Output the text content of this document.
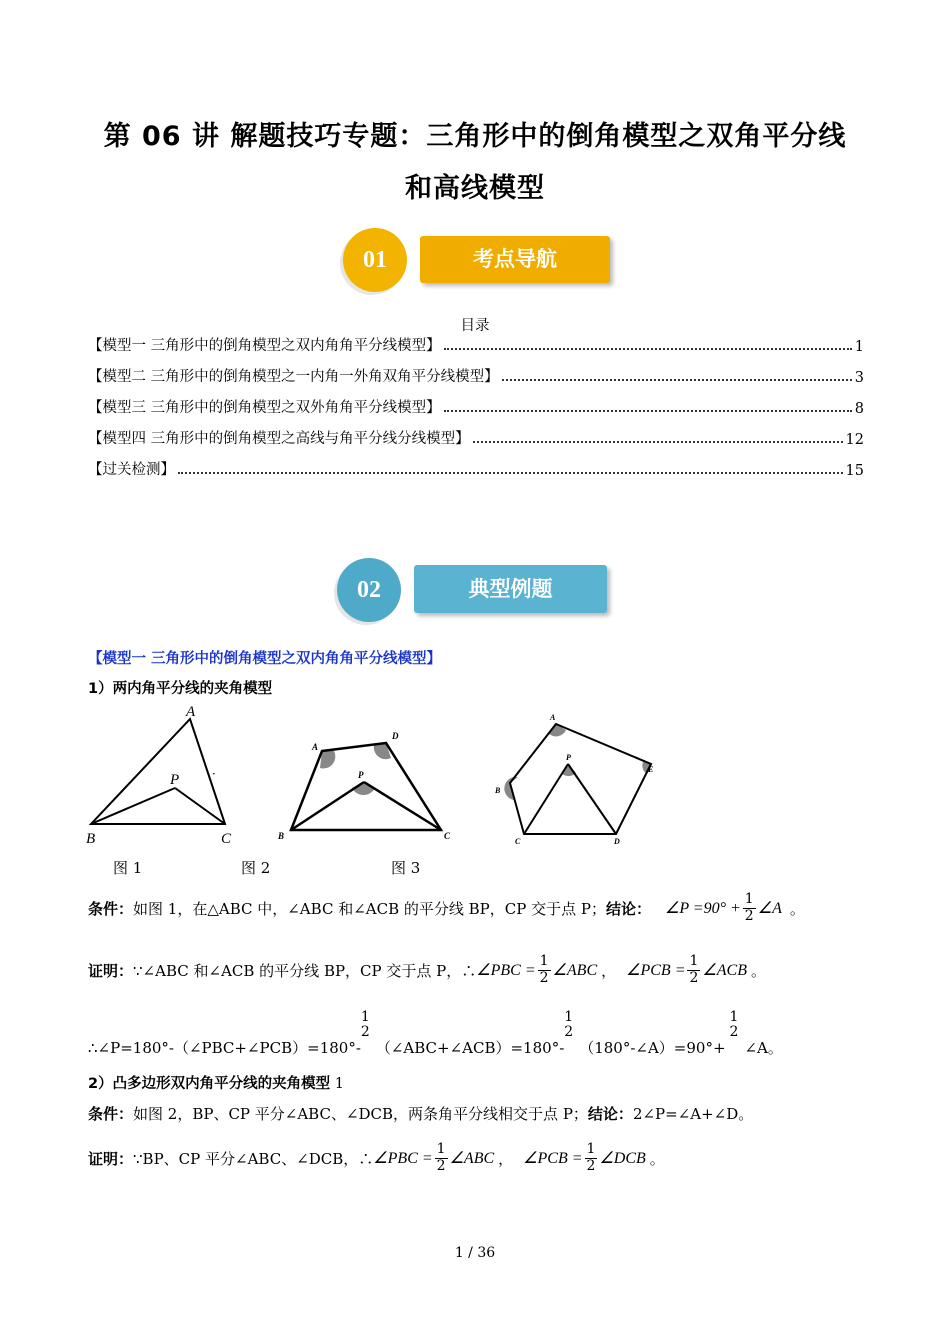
第 06 讲 解题技巧专题：三角形中的倒角模型之双角平分线
和高线模型
考点导航
01
目录
【模型一 三角形中的倒角模型之双内角角平分线模型】	1
【模型二 三角形中的倒角模型之一内角一外角双角平分线模型】	3
【模型三 三角形中的倒角模型之双外角角平分线模型】	8
【模型四 三角形中的倒角模型之高线与角平分线分线模型】	12
【过关检测】	15
典型例题
02
【模型一 三角形中的倒角模型之双内角角平分线模型】
1）两内角平分线的夹角模型
A
B	C
P	·
A
D
P
B	C
A
E
B
P
C	D
图 1	图 2	图 3
条件： 如图 1，在△ABC 中，∠ABC 和∠ACB 的平分线 BP，CP 交于点 P； 结论： ∠P $=90^\circ + \frac{1}{2}$ ∠A 。
证明： ∵∠ABC 和∠ACB 的平分线 BP，CP 交于点 P，∴ ∠PBC = $\frac{1}{2}$ ∠ABC ， ∠PCB = $\frac{1}{2}$ ∠ACB 。
∴∠P=180°-（∠PBC+∠PCB）=180°-
1
2
（∠ABC+∠ACB）=180°-
1
2
（180°-∠A）=90°+
1
2
∠A。
2）凸多边形双内角平分线的夹角模型 1
条件：如图 2，BP、CP 平分∠ABC、∠DCB，两条角平分线相交于点 P；结论：2∠P=∠A+∠D。
证明： ∵BP、CP 平分∠ABC、∠DCB，∴ ∠PBC = $\frac{1}{2}$ ∠ABC ， ∠PCB = $\frac{1}{2}$ ∠DCB 。
1 / 36
